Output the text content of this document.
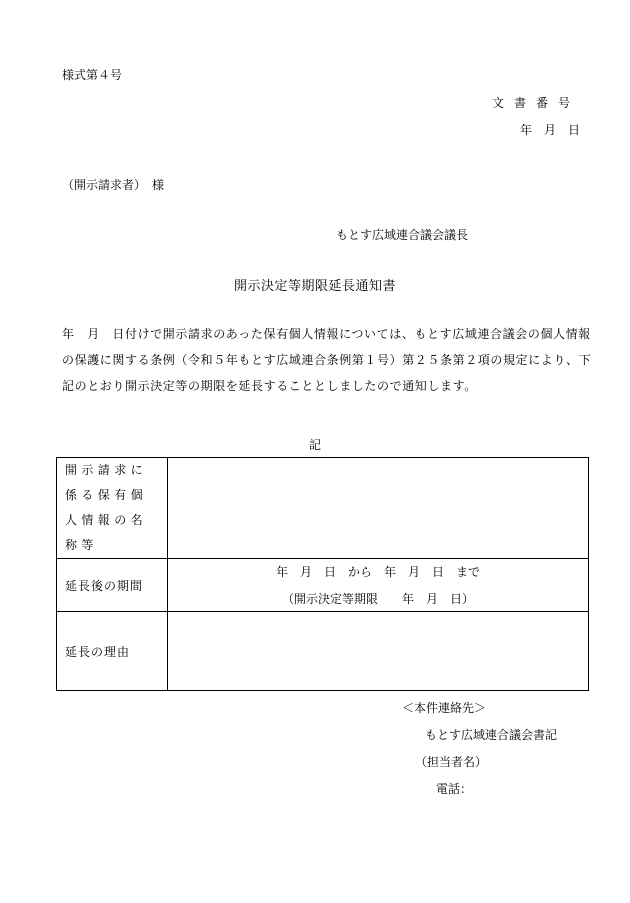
様式第４号
文書番号
年　月　日
（開示請求者）　様
もとす広域連合議会議長
開示決定等期限延長通知書
年　月　日付けで開示請求のあった保有個人情報については、もとす広域連合議会の個人情報の保護に関する条例（令和５年もとす広域連合条例第１号）第２５条第２項の規定により、下記のとおり開示決定等の期限を延長することとしましたので通知します。
記
開示請求に係る保有個人情報の名称等	

延長後の期間	年　月　日　から　年　月　日　まで
（開示決定等期限　　年　月　日）

延長の理由	
＜本件連絡先＞
もとす広域連合議会書記
（担当者名）
電話：
